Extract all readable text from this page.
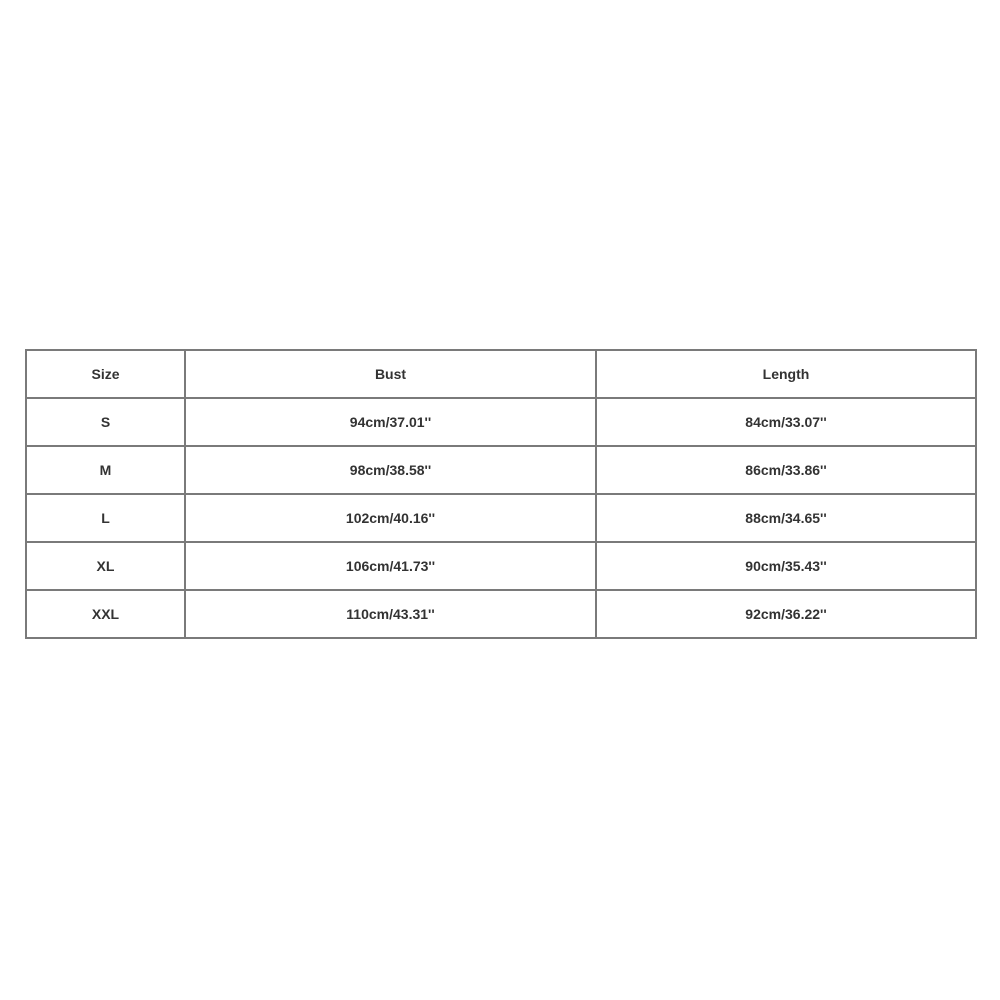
Size	Bust	Length
S	94cm/37.01''	84cm/33.07''
M	98cm/38.58''	86cm/33.86''
L	102cm/40.16''	88cm/34.65''
XL	106cm/41.73''	90cm/35.43''
XXL	110cm/43.31''	92cm/36.22''
